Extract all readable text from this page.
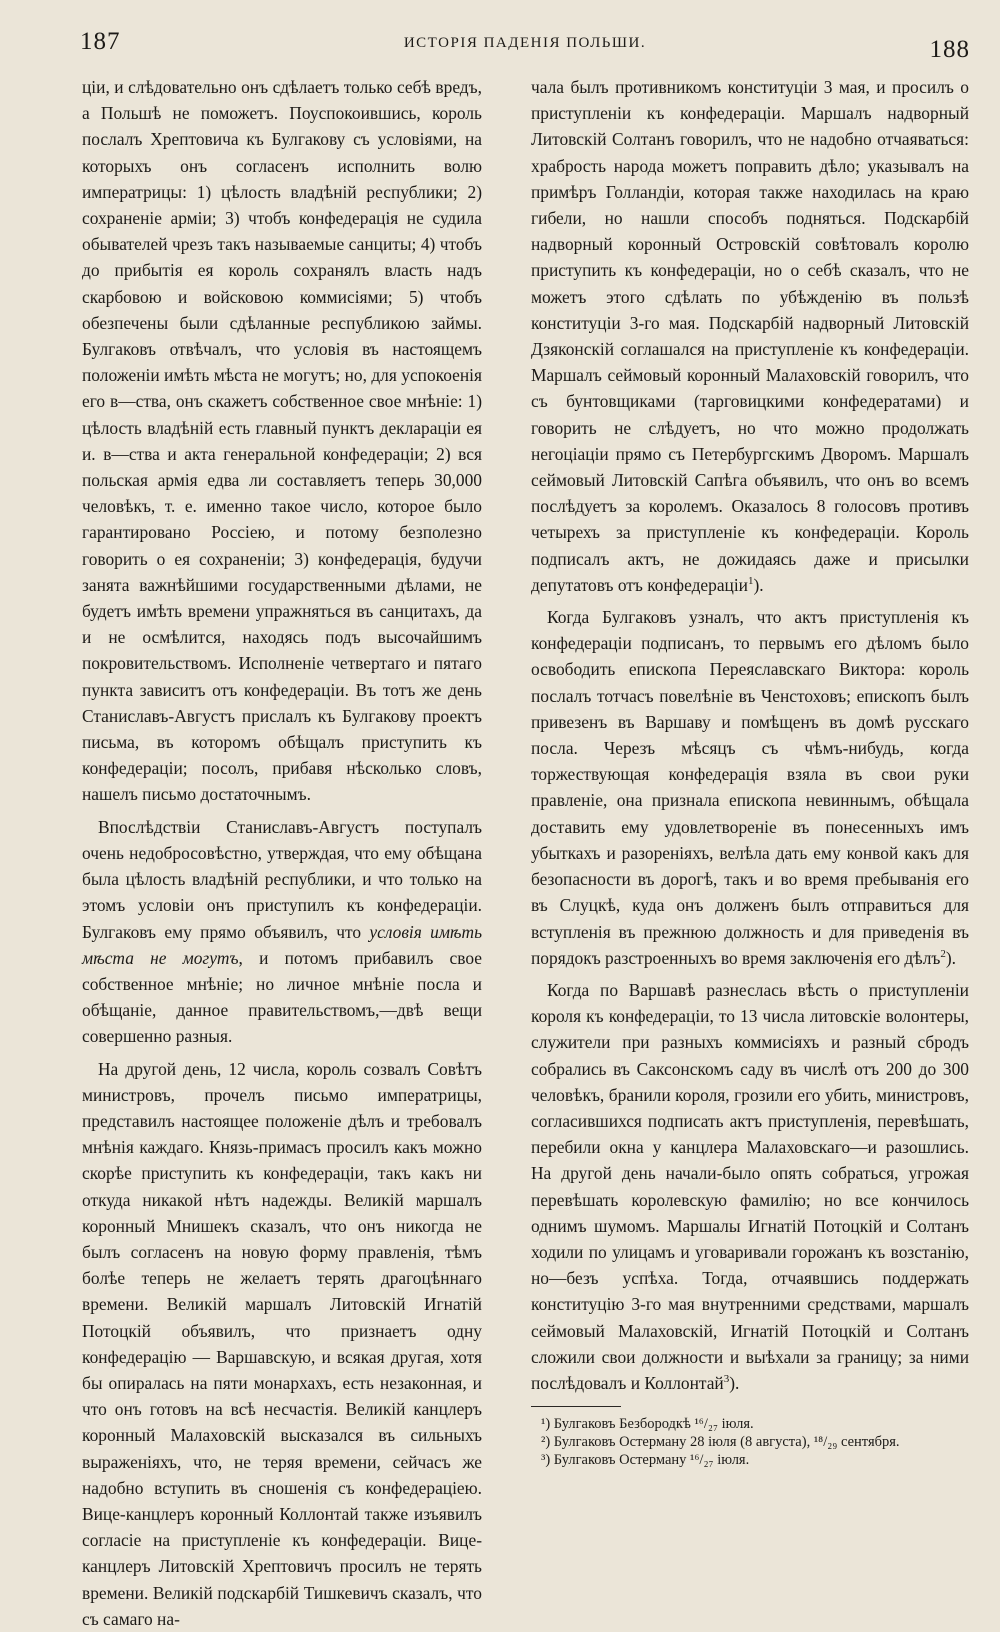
187	ИСТОРІЯ ПАДЕНІЯ ПОЛЬШИ.	188

ціи, и слѣдовательно онъ сдѣлаетъ только себѣ вредъ, а Польшѣ не поможетъ. Поуспокоившись, король послалъ Хрептовича къ Булгакову съ условіями, на которыхъ онъ согласенъ исполнить волю императрицы: 1) цѣлость владѣній республики; 2) сохраненіе арміи; 3) чтобъ конфедерація не судила обывателей чрезъ такъ называемые санциты; 4) чтобъ до прибытія ея король сохранялъ власть надъ скарбовою и войсковою коммисіями; 5) чтобъ обезпечены были сдѣланные республикою займы. Булгаковъ отвѣчалъ, что условія въ настоящемъ положеніи имѣть мѣста не могутъ; но, для успокоенія его в—ства, онъ скажетъ собственное свое мнѣніе: 1) цѣлость владѣній есть главный пунктъ деклараціи ея и. в—ства и акта генеральной конфедераціи; 2) вся польская армія едва ли составляетъ теперь 30,000 человѣкъ, т. е. именно такое число, которое было гарантировано Россіею, и потому безполезно говорить о ея сохраненіи; 3) конфедерація, будучи занята важнѣйшими государственными дѣлами, не будетъ имѣть времени упражняться въ санцитахъ, да и не осмѣлится, находясь подъ высочайшимъ покровительствомъ. Исполненіе четвертаго и пятаго пункта зависитъ отъ конфедераціи. Въ тотъ же день Станиславъ-Августъ прислалъ къ Булгакову проектъ письма, въ которомъ обѣщалъ приступить къ конфедераціи; посолъ, прибавя нѣсколько словъ, нашелъ письмо достаточнымъ.

Впослѣдствіи Станиславъ-Августъ поступалъ очень недобросовѣстно, утверждая, что ему обѣщана была цѣлость владѣній республики, и что только на этомъ условіи онъ приступилъ къ конфедераціи. Булгаковъ ему прямо объявилъ, что условія имѣть мѣста не могутъ, и потомъ прибавилъ свое собственное мнѣніе; но личное мнѣніе посла и обѣщаніе, данное правительствомъ,—двѣ вещи совершенно разныя.

На другой день, 12 числа, король созвалъ Совѣтъ министровъ, прочелъ письмо императрицы, представилъ настоящее положеніе дѣлъ и требовалъ мнѣнія каждаго. Князь-примасъ просилъ какъ можно скорѣе приступить къ конфедераціи, такъ какъ ни откуда никакой нѣтъ надежды. Великій маршалъ коронный Мнишекъ сказалъ, что онъ никогда не былъ согласенъ на новую форму правленія, тѣмъ болѣе теперь не желаетъ терять драгоцѣннаго времени. Великій маршалъ Литовскій Игнатій Потоцкій объявилъ, что признаетъ одну конфедерацію — Варшавскую, и всякая другая, хотя бы опиралась на пяти монархахъ, есть незаконная, и что онъ готовъ на всѣ несчастія. Великій канцлеръ коронный Малаховскій высказался въ сильныхъ выраженіяхъ, что, не теряя времени, сейчасъ же надобно вступить въ сношенія съ конфедераціею. Вице-канцлеръ коронный Коллонтай также изъявилъ согласіе на приступленіе къ конфедераціи. Вице-канцлеръ Литовскій Хрептовичъ просилъ не терять времени. Великій подскарбій Тишкевичъ сказалъ, что съ самаго на-

чала былъ противникомъ конституціи 3 мая, и просилъ о приступленіи къ конфедераціи. Маршалъ надворный Литовскій Солтанъ говорилъ, что не надобно отчаяваться: храбрость народа можетъ поправить дѣло; указывалъ на примѣръ Голландіи, которая также находилась на краю гибели, но нашли способъ подняться. Подскарбій надворный коронный Островскій совѣтовалъ королю приступить къ конфедераціи, но о себѣ сказалъ, что не можетъ этого сдѣлать по убѣжденію въ пользѣ конституціи 3-го мая. Подскарбій надворный Литовскій Дзяконскій соглашался на приступленіе къ конфедераціи. Маршалъ сеймовый коронный Малаховскій говорилъ, что съ бунтовщиками (тарговицкими конфедератами) и говорить не слѣдуетъ, но что можно продолжать негоціаціи прямо съ Петербургскимъ Дворомъ. Маршалъ сеймовый Литовскій Сапѣга объявилъ, что онъ во всемъ послѣдуетъ за королемъ. Оказалось 8 голосовъ противъ четырехъ за приступленіе къ конфедераціи. Король подписалъ актъ, не дожидаясь даже и присылки депутатовъ отъ конфедераціи$^1$).

Когда Булгаковъ узналъ, что актъ приступленія къ конфедераціи подписанъ, то первымъ его дѣломъ было освободить епископа Переяславскаго Виктора: король послалъ тотчасъ повелѣніе въ Ченстоховъ; епископъ былъ привезенъ въ Варшаву и помѣщенъ въ домѣ русскаго посла. Черезъ мѣсяцъ съ чѣмъ-нибудь, когда торжествующая конфедерація взяла въ свои руки правленіе, она признала епископа невиннымъ, обѣщала доставить ему удовлетвореніе въ понесенныхъ имъ убыткахъ и разореніяхъ, велѣла дать ему конвой какъ для безопасности въ дорогѣ, такъ и во время пребыванія его въ Слуцкѣ, куда онъ долженъ былъ отправиться для вступленія въ прежнюю должность и для приведенія въ порядокъ разстроенныхъ во время заключенія его дѣлъ$^2$).

Когда по Варшавѣ разнеслась вѣсть о приступленіи короля къ конфедераціи, то 13 числа литовскіе волонтеры, служители при разныхъ коммисіяхъ и разный сбродъ собрались въ Саксонскомъ саду въ числѣ отъ 200 до 300 человѣкъ, бранили короля, грозили его убить, министровъ, согласившихся подписать актъ приступленія, перевѣшать, перебили окна у канцлера Малаховскаго—и разошлись. На другой день начали-было опять собраться, угрожая перевѣшать королевскую фамилію; но все кончилось однимъ шумомъ. Маршалы Игнатій Потоцкій и Солтанъ ходили по улицамъ и уговаривали горожанъ къ возстанію, но—безъ успѣха. Тогда, отчаявшись поддержать конституцію 3-го мая внутренними средствами, маршалъ сеймовый Малаховскій, Игнатій Потоцкій и Солтанъ сложили свои должности и выѣхали за границу; за ними послѣдовалъ и Коллонтай$^3$).

¹) Булгаковъ Безбородкѣ ¹⁶/₂₇ іюля.

²) Булгаковъ Остерману 28 іюля (8 августа), ¹⁸/₂₉ сентября.

³) Булгаковъ Остерману ¹⁶/₂₇ іюля.
